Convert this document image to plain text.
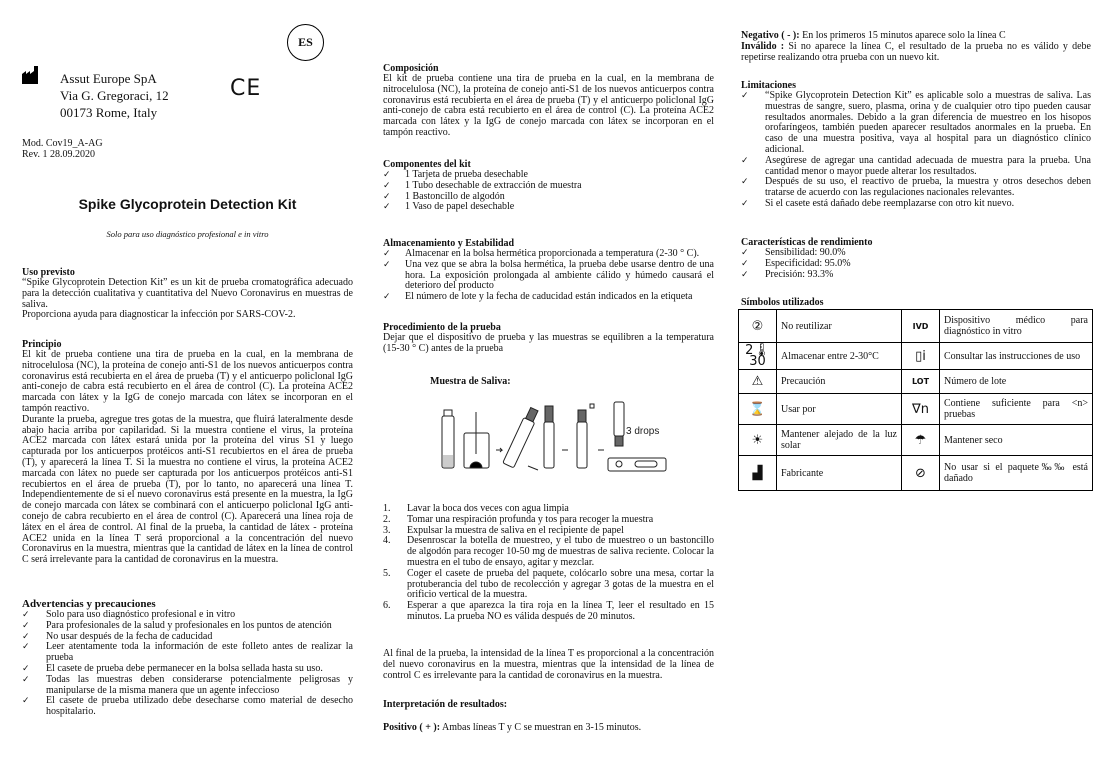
ES
Assut Europe SpA
Via G. Gregoraci, 12
00173 Rome, Italy
CE
Mod. Cov19_A-AG
Rev. 1 28.09.2020
Spike Glycoprotein Detection Kit
Solo para uso diagnóstico profesional e in vitro
Uso previsto
“Spike Glycoprotein Detection Kit” es un kit de prueba cromatográfica adecuado para la detección cualitativa y cuantitativa del Nuevo Coronavirus en muestras de saliva.
Proporciona ayuda para diagnosticar la infección por SARS-COV-2.
Principio
El kit de prueba contiene una tira de prueba en la cual, en la membrana de nitrocelulosa (NC), la proteína de conejo anti-S1 de los nuevos anticuerpos contra coronavirus está recubierta en el área de prueba (T) y el anticuerpo policlonal IgG anti-conejo de cabra está recubierto en el área de control (C). La proteína ACE2 marcada con látex y la IgG de conejo marcada con látex se incorporan en el tampón reactivo.
Durante la prueba, agregue tres gotas de la muestra, que fluirá lateralmente desde abajo hacia arriba por capilaridad. Si la muestra contiene el virus, la proteína ACE2 marcada con látex estará unida por la proteína del virus S1 y luego capturada por los anticuerpos protéicos anti-S1 recubiertos en el área de prueba (T), y aparecerá la línea T. Si la muestra no contiene el virus, la proteína ACE2 marcada con látex no puede ser capturada por los anticuerpos protéicos anti-S1 recubiertos en el área de prueba (T), por lo tanto, no aparecerá una línea T. Independientemente de si el nuevo coronavirus está presente en la muestra, la IgG de conejo marcada con látex se combinará con el anticuerpo policlonal IgG anti-conejo de cabra recubierto en el área de control (C). Aparecerá una línea roja de látex en el área de control. Al final de la prueba, la cantidad de látex - proteína ACE2 unida en la línea T será proporcional a la concentración del nuevo Coronavirus en la muestra, mientras que la cantidad de látex en la línea de control C será irrelevante para la cantidad de coronavirus en la muestra.
Advertencias y precauciones
✓ Solo para uso diagnóstico profesional e in vitro
✓ Para profesionales de la salud y profesionales en los puntos de atención
✓ No usar después de la fecha de caducidad
✓ Leer atentamente toda la información de este folleto antes de realizar la prueba
✓ El casete de prueba debe permanecer en la bolsa sellada hasta su uso.
✓ Todas las muestras deben considerarse potencialmente peligrosas y manipularse de la misma manera que un agente infeccioso
✓ El casete de prueba utilizado debe desecharse como material de desecho hospitalario.
Composición
El kit de prueba contiene una tira de prueba en la cual, en la membrana de nitrocelulosa (NC), la proteína de conejo anti-S1 de los nuevos anticuerpos contra coronavirus está recubierta en el área de prueba (T) y el anticuerpo policlonal IgG anti-conejo de cabra está recubierto en el área de control (C). La proteína ACE2 marcada con látex y la IgG de conejo marcada con látex se incorporan en el tampón reactivo.
Componentes del kit
✓ 1 Tarjeta de prueba desechable
✓ 1 Tubo desechable de extracción de muestra
✓ 1 Bastoncillo de algodón
✓ 1 Vaso de papel desechable
Almacenamiento y Estabilidad
✓ Almacenar en la bolsa hermética proporcionada a temperatura (2-30 ° C).
✓ Una vez que se abra la bolsa hermética, la prueba debe usarse dentro de una hora. La exposición prolongada al ambiente cálido y húmedo causará el deterioro del producto
✓ El número de lote y la fecha de caducidad están indicados en la etiqueta
Procedimiento de la prueba
Dejar que el dispositivo de prueba y las muestras se equilibren a la temperatura (15-30 ° C) antes de la prueba
Muestra de Saliva:
3 drops
1. Lavar la boca dos veces con agua limpia
2. Tomar una respiración profunda y tos para recoger la muestra
3. Expulsar la muestra de saliva en el recipiente de papel
4. Desenroscar la botella de muestreo, y el tubo de muestreo o un bastoncillo de algodón para recoger 10-50 mg de muestras de saliva reciente. Colocar la muestra en el tubo de ensayo, agitar y mezclar.
5. Coger el casete de prueba del paquete, colócarlo sobre una mesa, cortar la protuberancia del tubo de recolección y agregar 3 gotas de la muestra en el orificio vertical de la muestra.
6. Esperar a que aparezca la tira roja en la línea T, leer el resultado en 15 minutos. La prueba NO es válida después de 20 minutos.
Al final de la prueba, la intensidad de la línea T es proporcional a la concentración del nuevo coronavirus en la muestra, mientras que la intensidad de la línea de control C es irrelevante para la cantidad de coronavirus en la muestra.
Interpretación de resultados:
Positivo ( + ): Ambas líneas T y C se muestran en 3-15 minutos.
Negativo ( - ): En los primeros 15 minutos aparece solo la línea C
Inválido : Si no aparece la línea C, el resultado de la prueba no es válido y debe repetirse realizando otra prueba con un nuevo kit.
Limitaciones
✓ “Spike Glycoprotein Detection Kit” es aplicable solo a muestras de saliva. Las muestras de sangre, suero, plasma, orina y de cualquier otro tipo pueden causar resultados anormales. Debido a la gran diferencia de muestreo en los hisopos orofaríngeos, también pueden aparecer resultados anormales en la prueba. En caso de una muestra positiva, vaya al hospital para un diagnóstico clínico adicional.
✓ Asegúrese de agregar una cantidad adecuada de muestra para la prueba. Una cantidad menor o mayor puede alterar los resultados.
✓ Después de su uso, el reactivo de prueba, la muestra y otros desechos deben tratarse de acuerdo con las regulaciones nacionales relevantes.
✓ Si el casete está dañado debe reemplazarse con otro kit nuevo.
Características de rendimiento
✓ Sensibilidad: 90.0%
✓ Especificidad: 95.0%
✓ Precisión: 93.3%
Símbolos utilizados
②	No reutilizar	IVD	Dispositivo médico para diagnóstico in vitro
2🌡30	Almacenar entre 2-30°C	▯i	Consultar las instrucciones de uso
⚠	Precaución	LOT	Número de lote
⌛	Usar por	∇n	Contiene suficiente para <n> pruebas
☀	Mantener alejado de la luz solar	☂	Mantener seco
▟	Fabricante	⊘	No usar si el paquete‰‰ está dañado
